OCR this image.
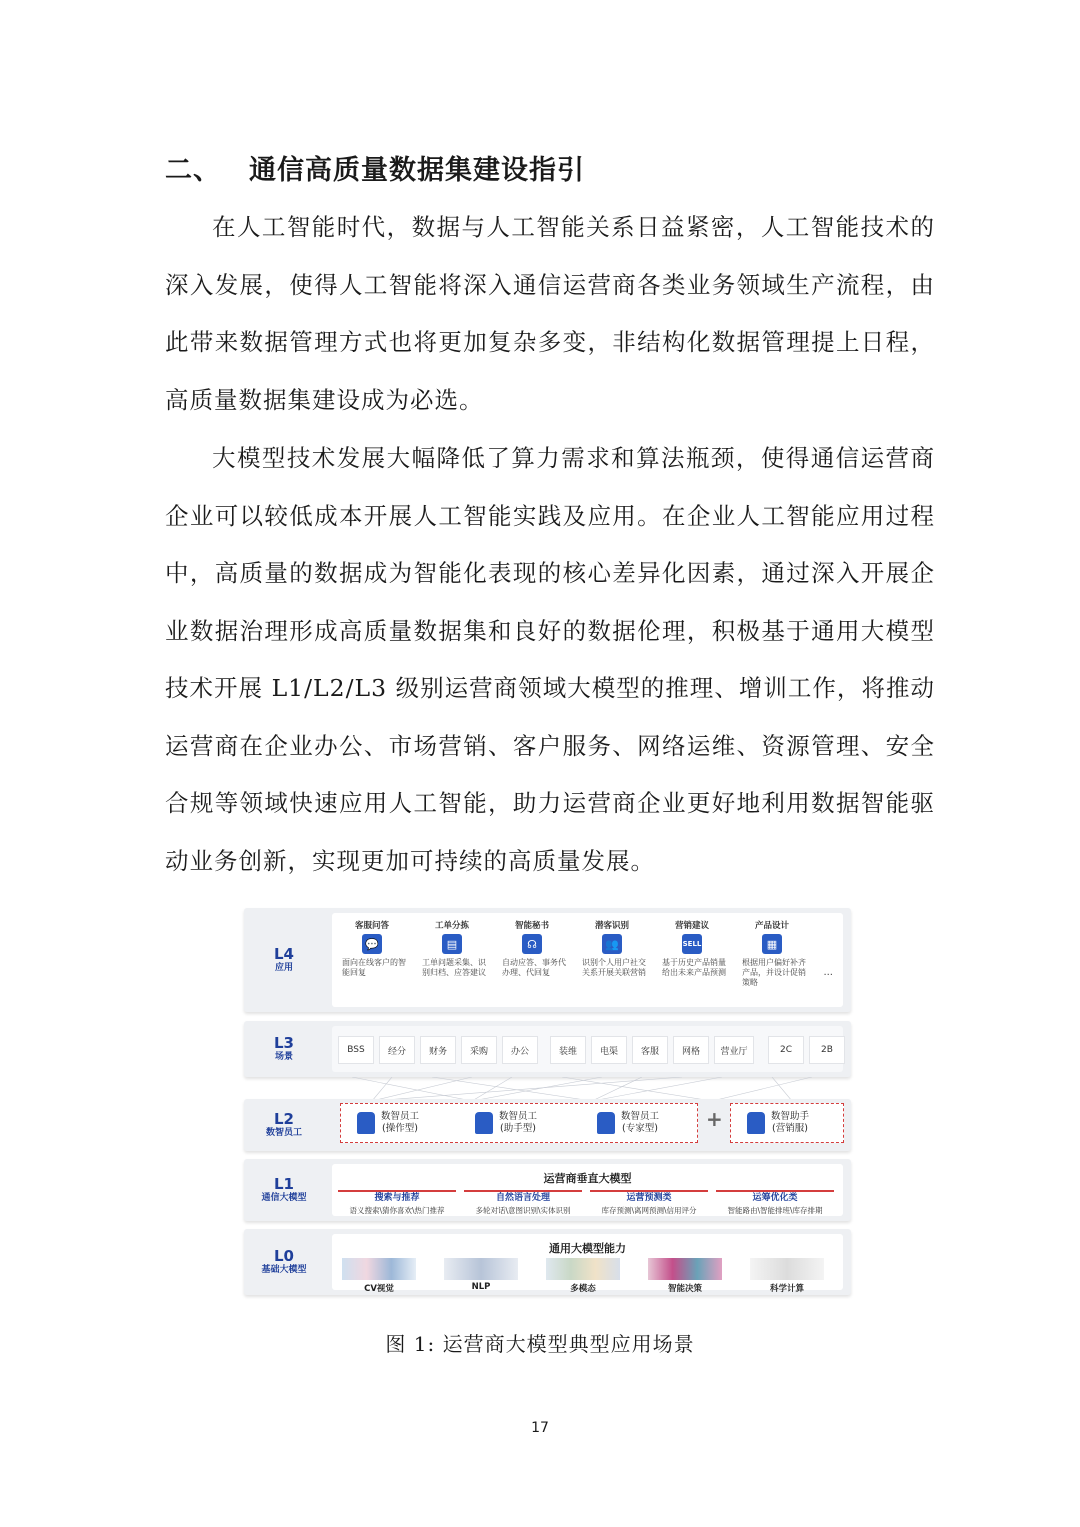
二、 通信高质量数据集建设指引

在人工智能时代，数据与人工智能关系日益紧密，人工智能技术的深入发展，使得人工智能将深入通信运营商各类业务领域生产流程，由此带来数据管理方式也将更加复杂多变，非结构化数据管理提上日程，高质量数据集建设成为必选。

大模型技术发展大幅降低了算力需求和算法瓶颈，使得通信运营商企业可以较低成本开展人工智能实践及应用。在企业人工智能应用过程中，高质量的数据成为智能化表现的核心差异化因素，通过深入开展企业数据治理形成高质量数据集和良好的数据伦理，积极基于通用大模型技术开展 L1/L2/L3 级别运营商领域大模型的推理、增训工作，将推动运营商在企业办公、市场营销、客户服务、网络运维、资源管理、安全合规等领域快速应用人工智能，助力运营商企业更好地利用数据智能驱动业务创新，实现更加可持续的高质量发展。

L4
应用
客服问答
💬
面向在线客户的智能回复
工单分拣
▤
工单问题采集、识别归档、应答建议
智能秘书
☊
自动应答、事务代办理、代回复
潜客识别
👥
识别个人用户社交关系开展关联营销
营销建议
SELL
基于历史产品销量给出未来产品预测
产品设计
▦
根据用户偏好补齐产品，并设计促销策略
...
L3
场景
BSS	经分	财务	采购	办公	装维	电渠	客服	网格	营业厅	2C	2B
L2
数智员工
数智员工
(操作型)
数智员工
(助手型)
数智员工
(专家型) +	数智助手
(营销服)
L1
通信大模型
运营商垂直大模型
搜索与推荐
语义搜索\猜你喜欢\热门推荐
自然语言处理
多轮对话\意图识别\实体识别
运营预测类
库存预测\离网预测\信用评分
运筹优化类
智能路由\智能排班\库存排期
L0
基础大模型
通用大模型能力
CV视觉	NLP	多模态	智能决策	科学计算

图 1: 运营商大模型典型应用场景

17
